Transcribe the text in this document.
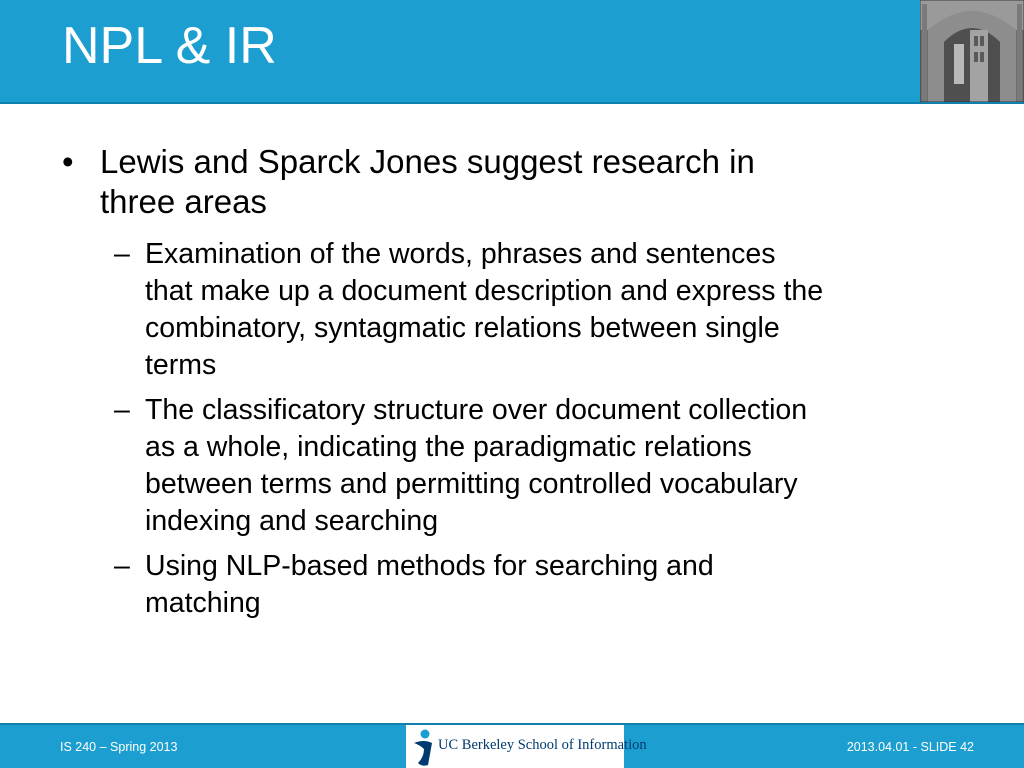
NPL & IR
• Lewis and Sparck Jones suggest research in

three areas

– Examination of the words, phrases and sentences

that make up a document description and express the

combinatory, syntagmatic relations between single

terms

– The classificatory structure over document collection

as a whole, indicating the paradigmatic relations

between terms and permitting controlled vocabulary

indexing and searching

– Using NLP-based methods for searching and

matching

IS 240 – Spring 2013	UC Berkeley School of Information	2013.04.01 - SLIDE 42
